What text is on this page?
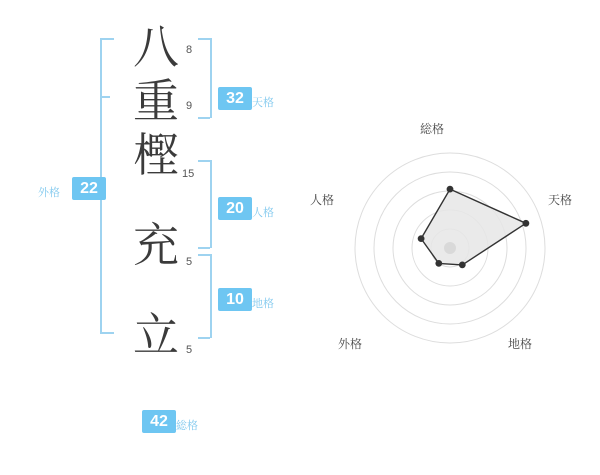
八
重
樫
充
立
8
9
15
5
5
32 天格
20 人格
10 地格
22
外格
42 総格
総格
天格
地格
外格
人格
